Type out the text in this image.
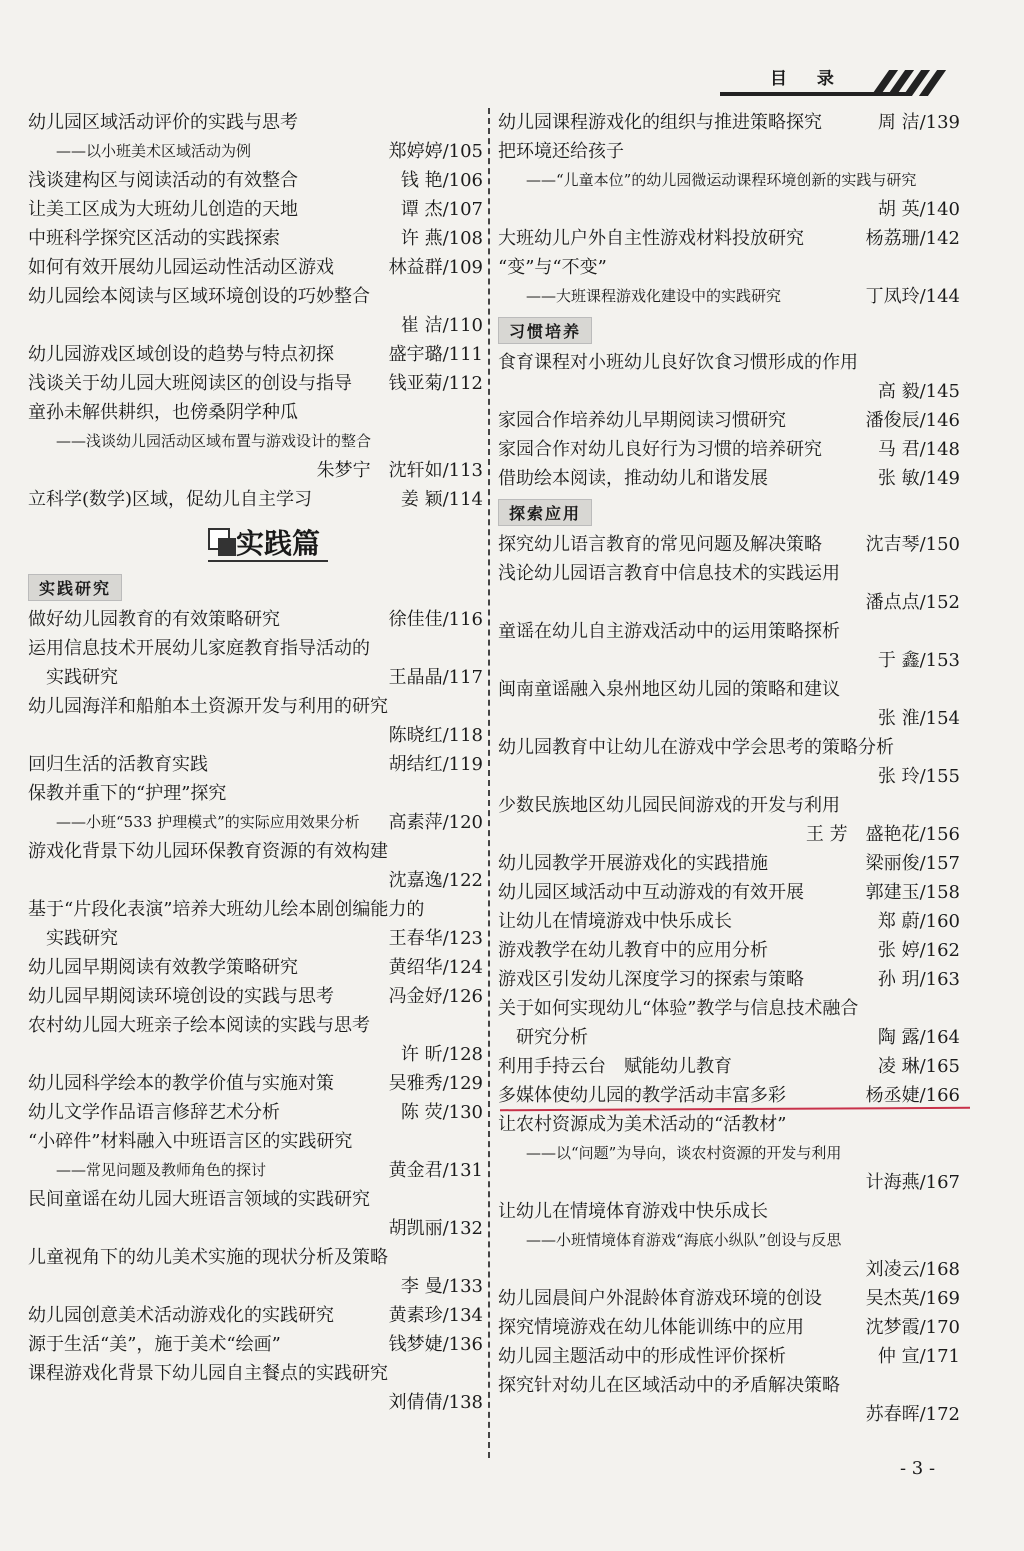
目 录
幼儿园区域活动评价的实践与思考
——以小班美术区域活动为例	郑婷婷/105
浅谈建构区与阅读活动的有效整合	钱 艳/106
让美工区成为大班幼儿创造的天地	谭 杰/107
中班科学探究区活动的实践探索	许 燕/108
如何有效开展幼儿园运动性活动区游戏	林益群/109
幼儿园绘本阅读与区域环境创设的巧妙整合
崔 洁/110
幼儿园游戏区域创设的趋势与特点初探	盛宇璐/111
浅谈关于幼儿园大班阅读区的创设与指导	钱亚菊/112
童孙未解供耕织，也傍桑阴学种瓜
——浅谈幼儿园活动区域布置与游戏设计的整合
朱梦宁　沈轩如/113
立科学(数学)区域，促幼儿自主学习	姜 颖/114
实践篇
实践研究
做好幼儿园教育的有效策略研究	徐佳佳/116
运用信息技术开展幼儿家庭教育指导活动的
实践研究	王晶晶/117
幼儿园海洋和船舶本土资源开发与利用的研究
陈晓红/118
回归生活的活教育实践	胡结红/119
保教并重下的“护理”探究
——小班“533 护理模式”的实际应用效果分析	高素萍/120
游戏化背景下幼儿园环保教育资源的有效构建
沈嘉逸/122
基于“片段化表演”培养大班幼儿绘本剧创编能力的
实践研究	王春华/123
幼儿园早期阅读有效教学策略研究	黄绍华/124
幼儿园早期阅读环境创设的实践与思考	冯金妤/126
农村幼儿园大班亲子绘本阅读的实践与思考
许 昕/128
幼儿园科学绘本的教学价值与实施对策	吴雅秀/129
幼儿文学作品语言修辞艺术分析	陈 荧/130
“小碎件”材料融入中班语言区的实践研究
——常见问题及教师角色的探讨	黄金君/131
民间童谣在幼儿园大班语言领域的实践研究
胡凯丽/132
儿童视角下的幼儿美术实施的现状分析及策略
李 曼/133
幼儿园创意美术活动游戏化的实践研究	黄素珍/134
源于生活“美”，施于美术“绘画”	钱梦婕/136
课程游戏化背景下幼儿园自主餐点的实践研究
刘倩倩/138
幼儿园课程游戏化的组织与推进策略探究	周 洁/139
把环境还给孩子
——“儿童本位”的幼儿园微运动课程环境创新的实践与研究
胡 英/140
大班幼儿户外自主性游戏材料投放研究	杨荔珊/142
“变”与“不变”
——大班课程游戏化建设中的实践研究	丁凤玲/144
习惯培养
食育课程对小班幼儿良好饮食习惯形成的作用
高 毅/145
家园合作培养幼儿早期阅读习惯研究	潘俊辰/146
家园合作对幼儿良好行为习惯的培养研究	马 君/148
借助绘本阅读，推动幼儿和谐发展	张 敏/149
探索应用
探究幼儿语言教育的常见问题及解决策略	沈吉琴/150
浅论幼儿园语言教育中信息技术的实践运用
潘点点/152
童谣在幼儿自主游戏活动中的运用策略探析
于 鑫/153
闽南童谣融入泉州地区幼儿园的策略和建议
张 淮/154
幼儿园教育中让幼儿在游戏中学会思考的策略分析
张 玲/155
少数民族地区幼儿园民间游戏的开发与利用
王 芳　盛艳花/156
幼儿园教学开展游戏化的实践措施	梁丽俊/157
幼儿园区域活动中互动游戏的有效开展	郭建玉/158
让幼儿在情境游戏中快乐成长	郑 蔚/160
游戏教学在幼儿教育中的应用分析	张 婷/162
游戏区引发幼儿深度学习的探索与策略	孙 玥/163
关于如何实现幼儿“体验”教学与信息技术融合
研究分析	陶 露/164
利用手持云台　赋能幼儿教育	凌 琳/165
多媒体使幼儿园的教学活动丰富多彩	杨丞婕/166
让农村资源成为美术活动的“活教材”
——以“问题”为导向，谈农村资源的开发与利用
计海燕/167
让幼儿在情境体育游戏中快乐成长
——小班情境体育游戏“海底小纵队”创设与反思
刘凌云/168
幼儿园晨间户外混龄体育游戏环境的创设	吴杰英/169
探究情境游戏在幼儿体能训练中的应用	沈梦霞/170
幼儿园主题活动中的形成性评价探析	仲 宣/171
探究针对幼儿在区域活动中的矛盾解决策略
苏春晖/172
- 3 -
